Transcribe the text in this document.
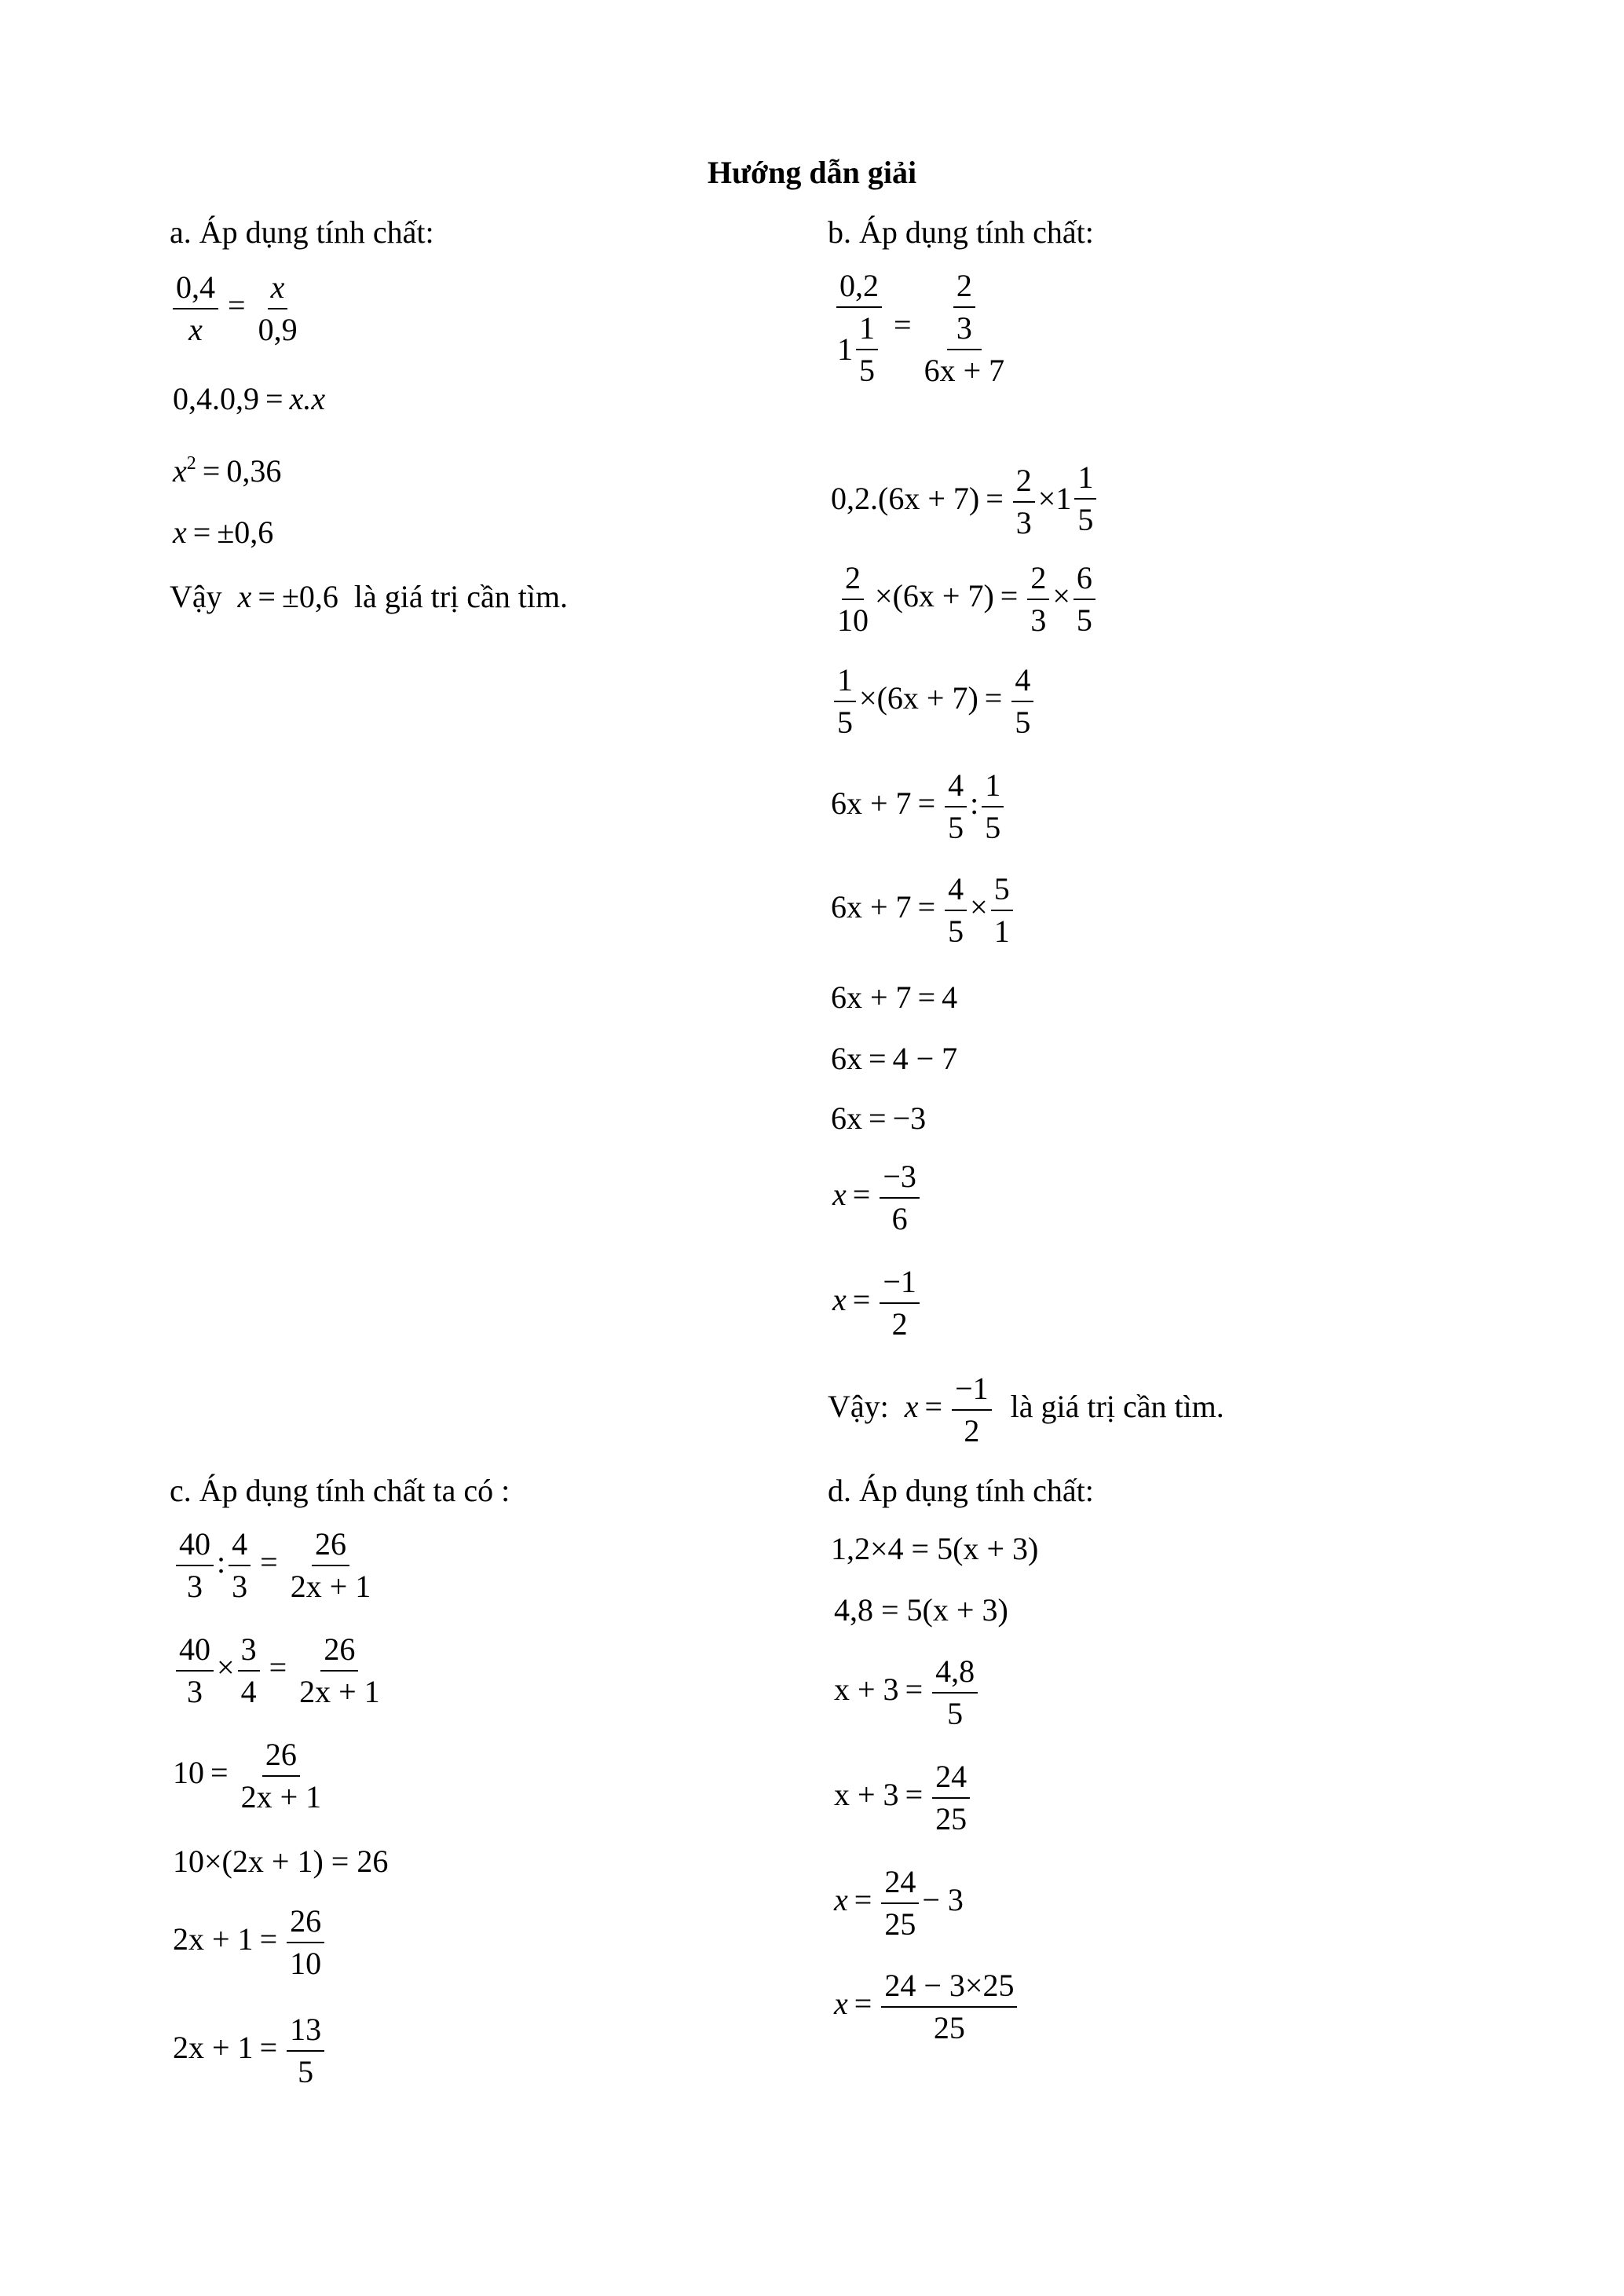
Hướng dẫn giải
a. Áp dụng tính chất:
$\frac{0,4}{x} = \frac{x}{0,9}$
0,4.0,9 = x.x
$x^2 = 0,36$
x = ±0,6
Vậy x = ±0,6 là giá trị cần tìm.
b. Áp dụng tính chất:
0,2
1
1
$5 = \frac{\frac{2}{3}}{6x + 7}$
$0,2.(6x + 7) = \frac{2}{3} \times 1$
1
5
$\frac{2}{10} \times(6x + 7) = \frac{2}{3} \times \frac{6}{5}$
$\frac{1}{5} \times(6x + 7) = \frac{4}{5}$
$6x + 7 = \frac{4}{5}$ : $\frac{1}{5}$
$6x + 7 = \frac{4}{5} \times \frac{5}{1}$
6x + 7 = 4
6x = 4 − 7
6x = −3
$x = \frac{-3}{6}$
$x = \frac{-1}{2}$
Vậy: $x = \frac{-1}{2}$ là giá trị cần tìm.
c. Áp dụng tính chất ta có :
$\frac{40}{3}$ : $\frac{4}{3} = \frac{26}{2x + 1}$
$\frac{40}{3} \times \frac{3}{4} = \frac{26}{2x + 1}$
$10 = \frac{26}{2x + 1}$
10×(2x + 1) = 26
$2x + 1 = \frac{26}{10}$
$2x + 1 = \frac{13}{5}$
d. Áp dụng tính chất:
1,2×4 = 5(x + 3)
4,8 = 5(x + 3)
$x + 3 = \frac{4,8}{5}$
$x + 3 = \frac{24}{25}$
$x = \frac{24}{25} - 3$
$x = \frac{24 - 3\times 25}{25}$
